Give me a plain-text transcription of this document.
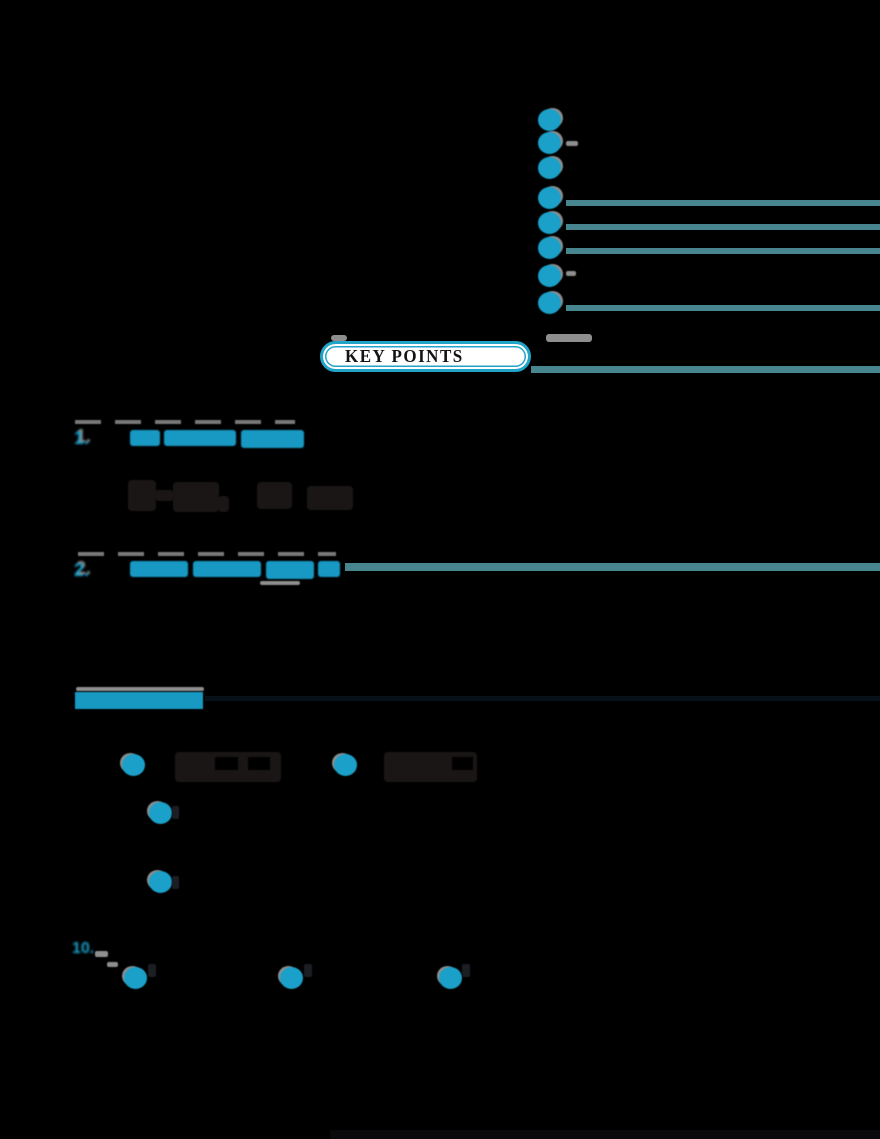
KEY POINTS
1.
2.
10.
